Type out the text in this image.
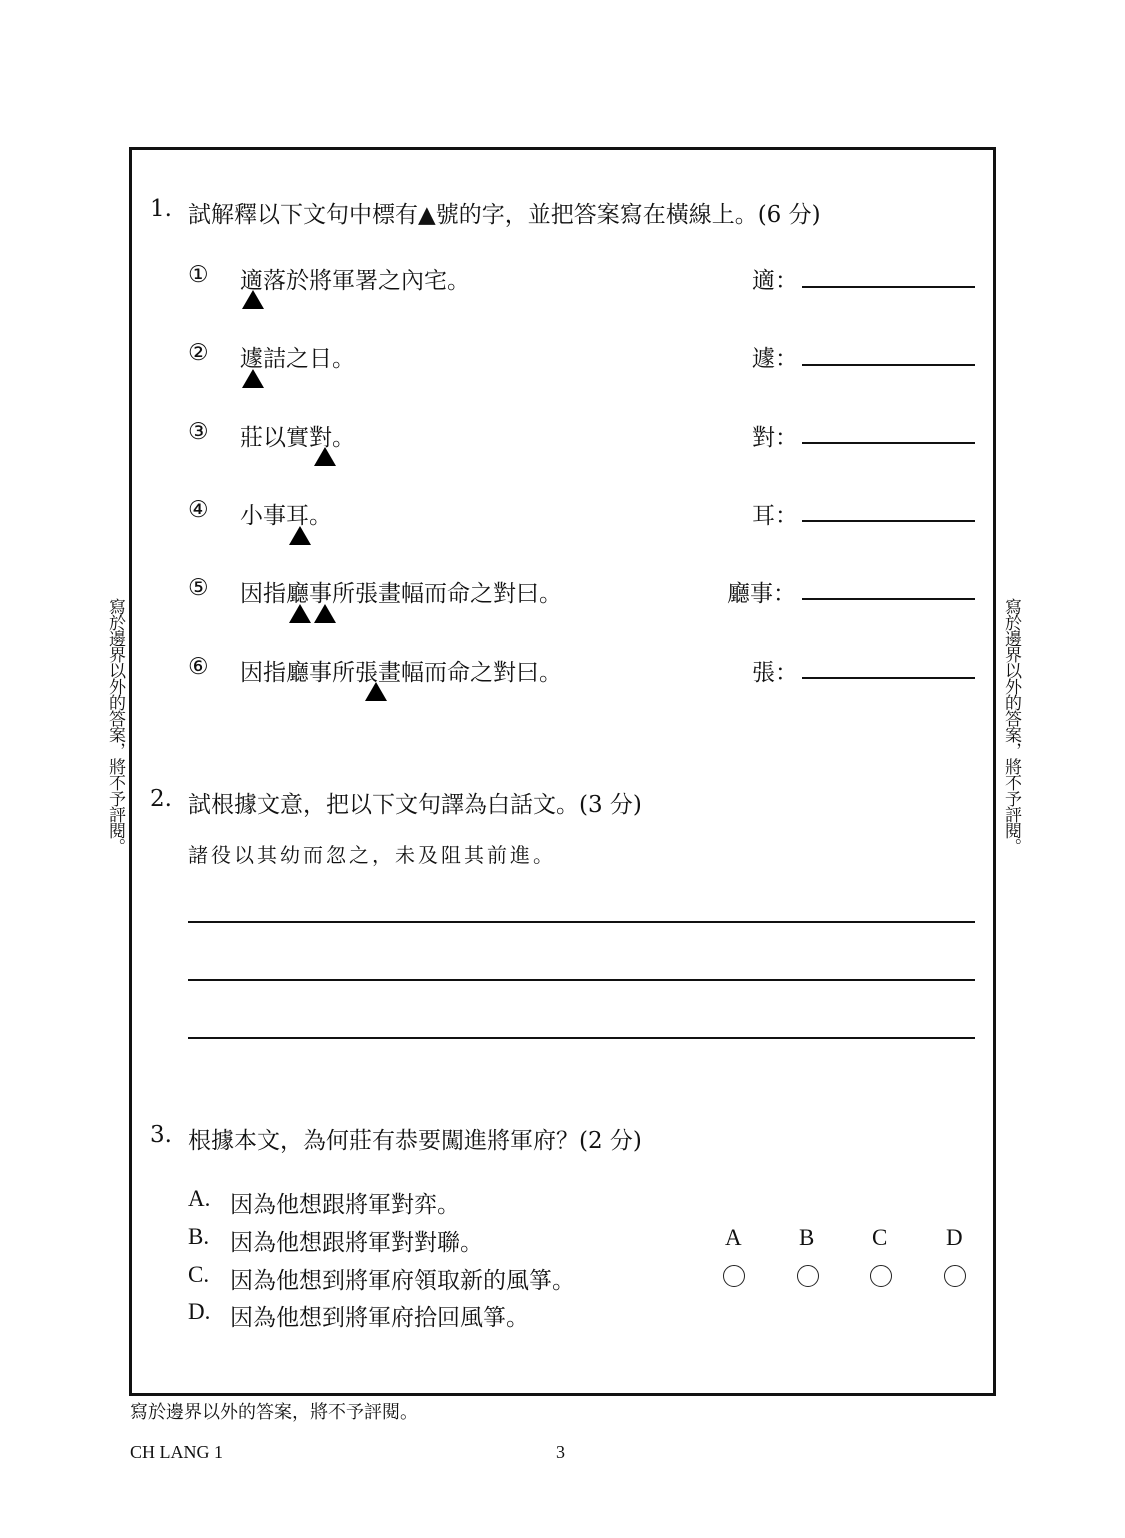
寫於邊界以外的答案，將不予評閱。	寫於邊界以外的答案，將不予評閱。
1. 試解釋以下文句中標有▲號的字，並把答案寫在橫線上。(6 分)
① 適落於將軍署之內宅。	適：
② 遽詰之日。	遽：
③ 莊以實對。	對：
④ 小事耳。	耳：
⑤ 因指廳事所張畫幅而命之對曰。	廳事：
⑥ 因指廳事所張畫幅而命之對曰。	張：
2. 試根據文意，把以下文句譯為白話文。(3 分)
諸役以其幼而忽之，未及阻其前進。
3. 根據本文，為何莊有恭要闖進將軍府？(2 分)
A. 因為他想跟將軍對弈。
B. 因為他想跟將軍對對聯。
C. 因為他想到將軍府領取新的風箏。
D. 因為他想到將軍府拾回風箏。
A B	C	D
寫於邊界以外的答案，將不予評閱。
CH LANG 1	3
